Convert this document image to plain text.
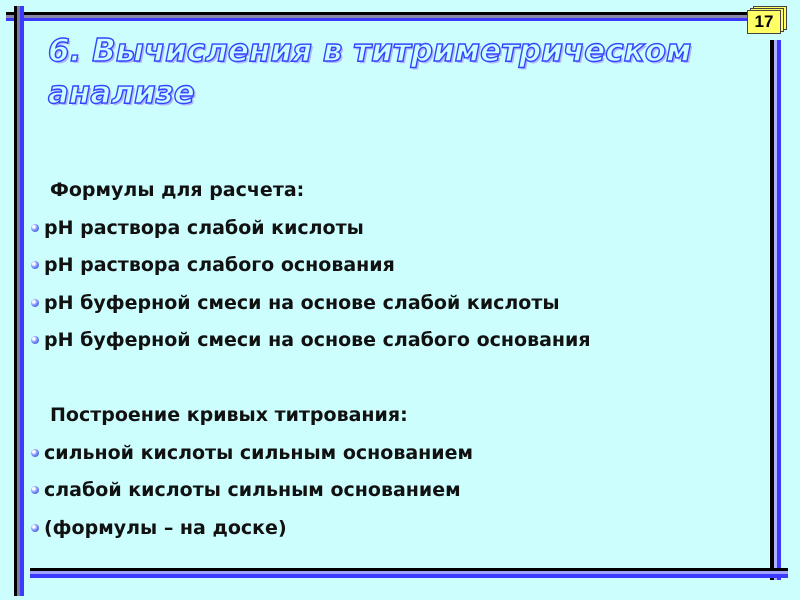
17
6. Вычисления в титриметрическом анализе
Формулы для расчета:
рН раствора слабой кислоты
рН раствора слабого основания
рН буферной смеси на основе слабой кислоты
рН буферной смеси на основе слабого основания
Построение кривых титрования:
сильной кислоты сильным основанием
слабой кислоты сильным основанием
(формулы – на доске)
